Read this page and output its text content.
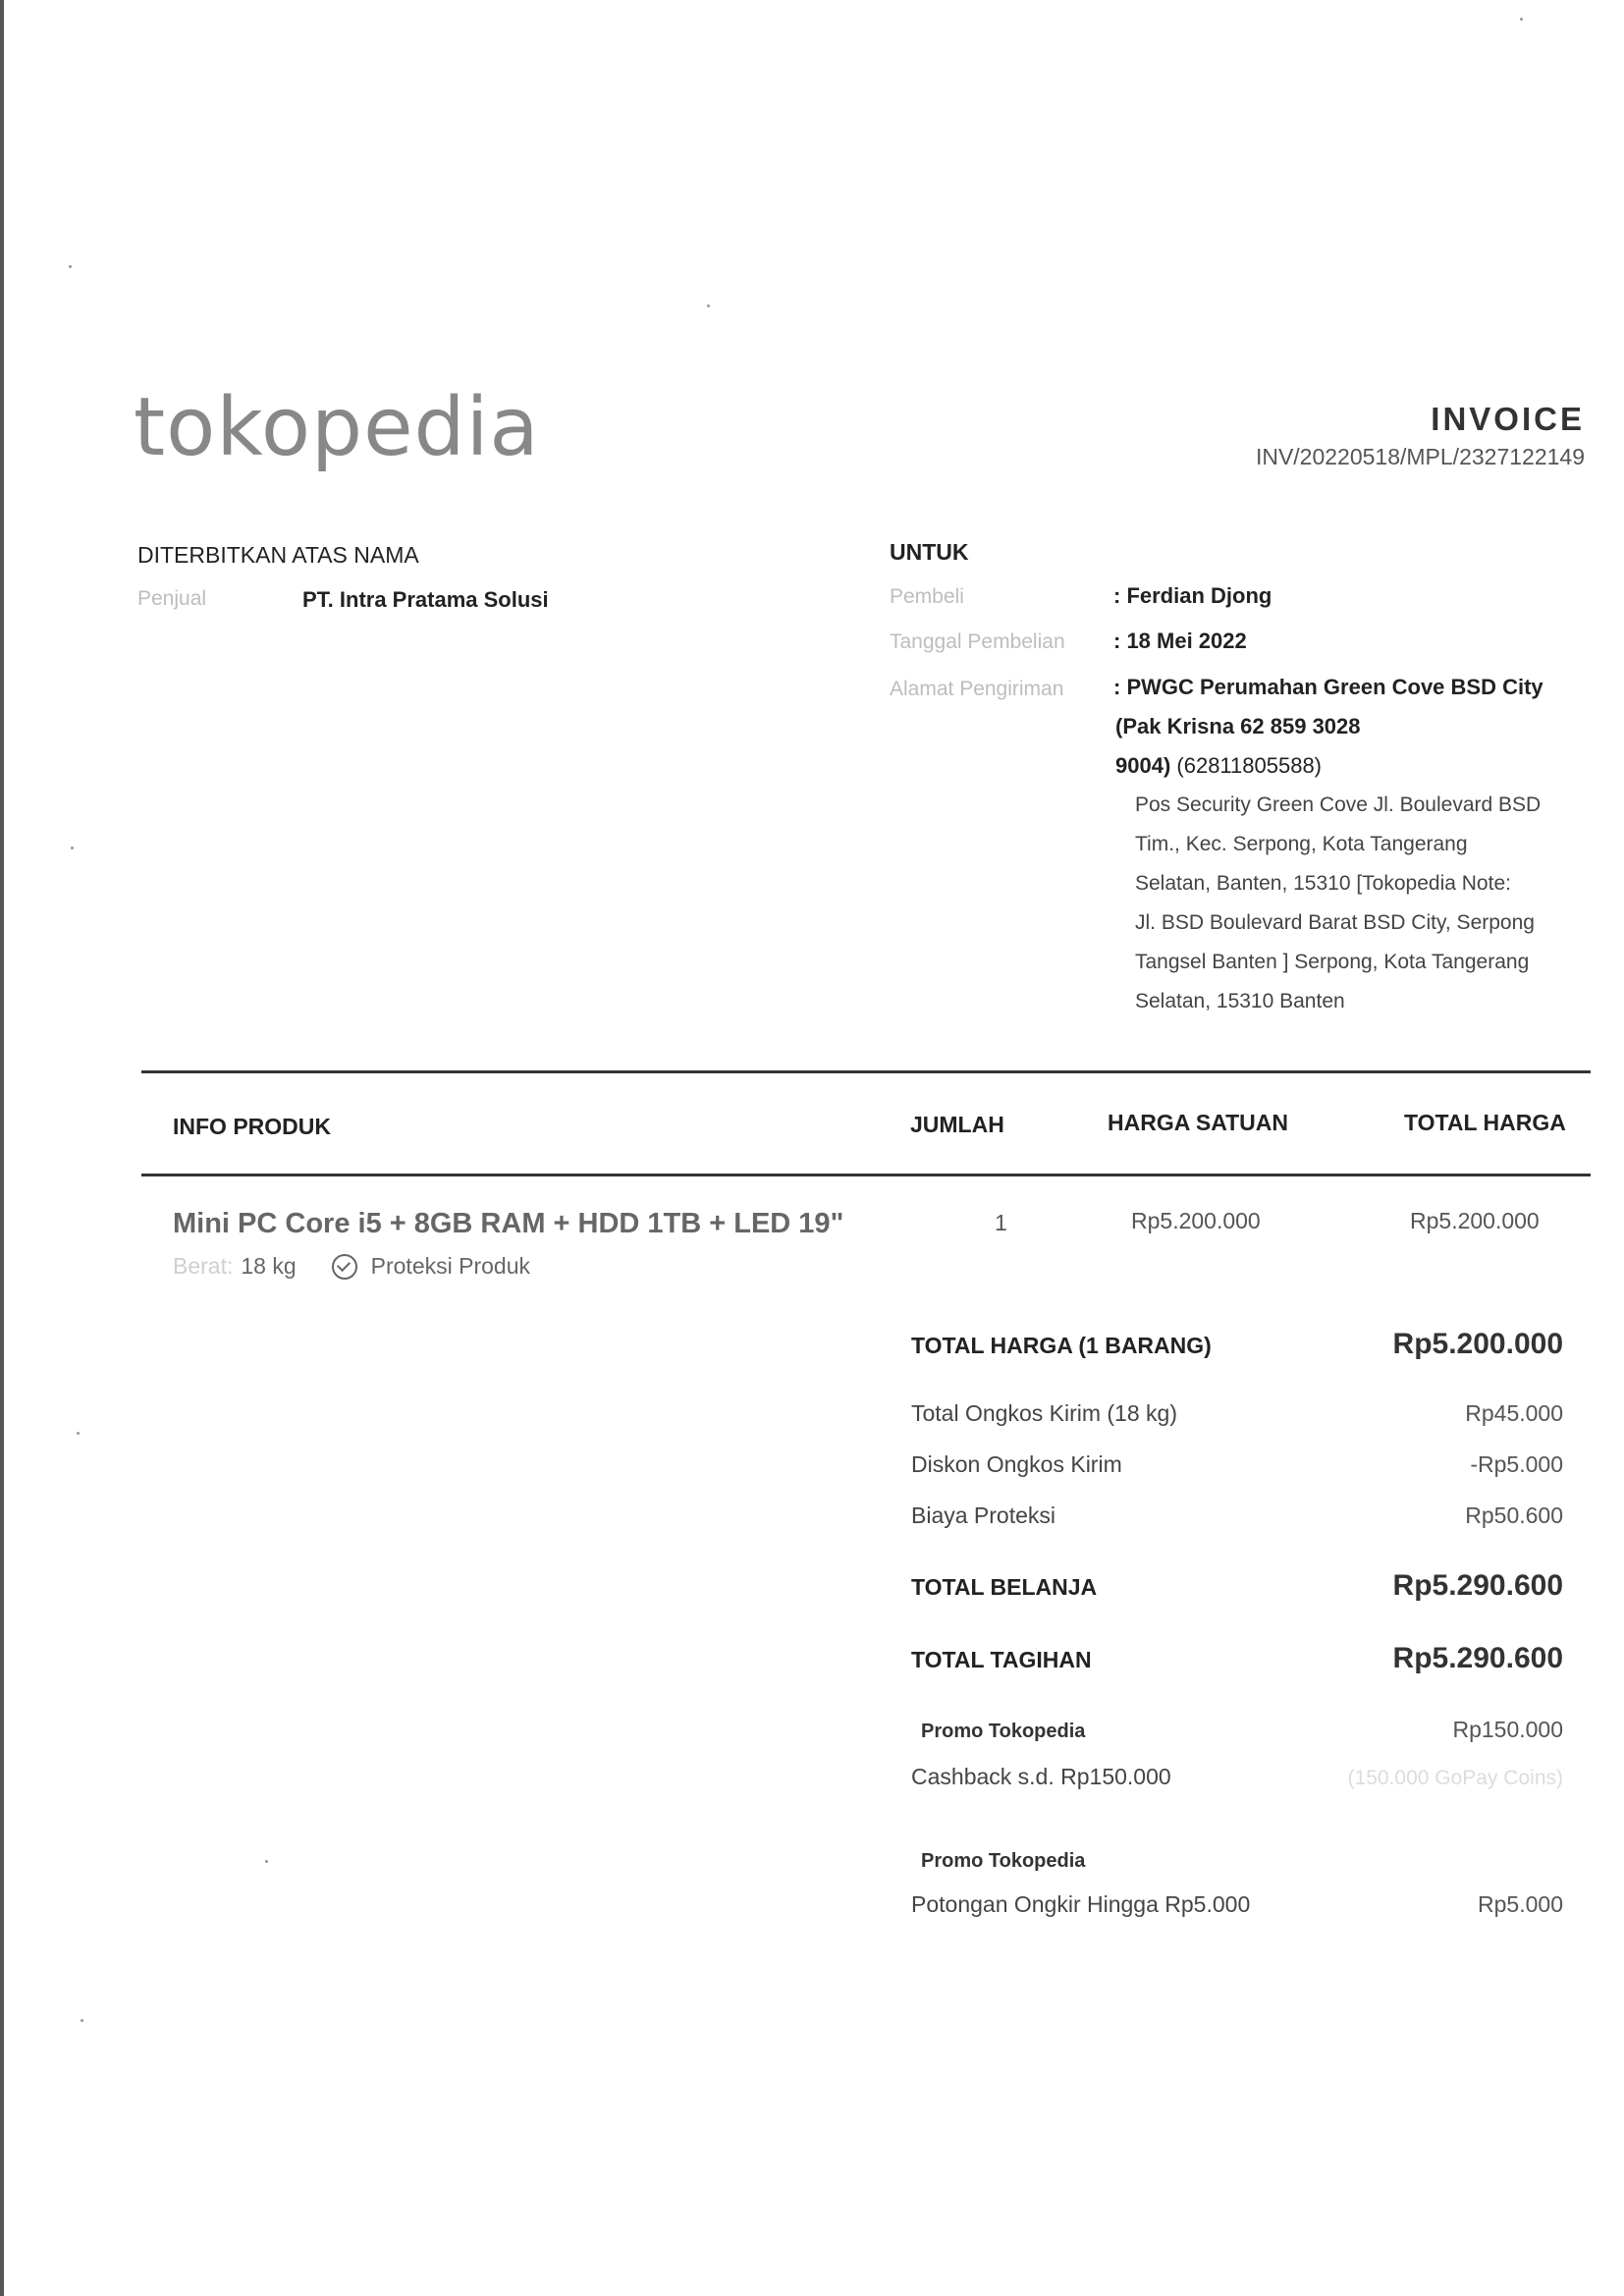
tokopedia	INVOICE
INV/20220518/MPL/2327122149
DITERBITKAN ATAS NAMA
Penjual	PT. Intra Pratama Solusi
UNTUK
Pembeli	: Ferdian Djong
Tanggal Pembelian : 18 Mei 2022
Alamat Pengiriman : PWGC Perumahan Green Cove BSD City
(Pak Krisna 62 859 3028
9004) (62811805588)
Pos Security Green Cove Jl. Boulevard BSD
Tim., Kec. Serpong, Kota Tangerang
Selatan, Banten, 15310 [Tokopedia Note:
Jl. BSD Boulevard Barat BSD City, Serpong
Tangsel Banten ] Serpong, Kota Tangerang
Selatan, 15310 Banten
INFO PRODUK	JUMLAH	HARGA SATUAN	TOTAL HARGA
Mini PC Core i5 + 8GB RAM + HDD 1TB + LED 19"
Berat: 18 kg	Proteksi Produk
1	Rp5.200.000	Rp5.200.000
TOTAL HARGA (1 BARANG)	Rp5.200.000
Total Ongkos Kirim (18 kg)	Rp45.000
Diskon Ongkos Kirim	-Rp5.000
Biaya Proteksi	Rp50.600
TOTAL BELANJA	Rp5.290.600
TOTAL TAGIHAN	Rp5.290.600
Promo Tokopedia	Rp150.000
Cashback s.d. Rp150.000	(150.000 GoPay Coins)
Promo Tokopedia
Potongan Ongkir Hingga Rp5.000	Rp5.000
